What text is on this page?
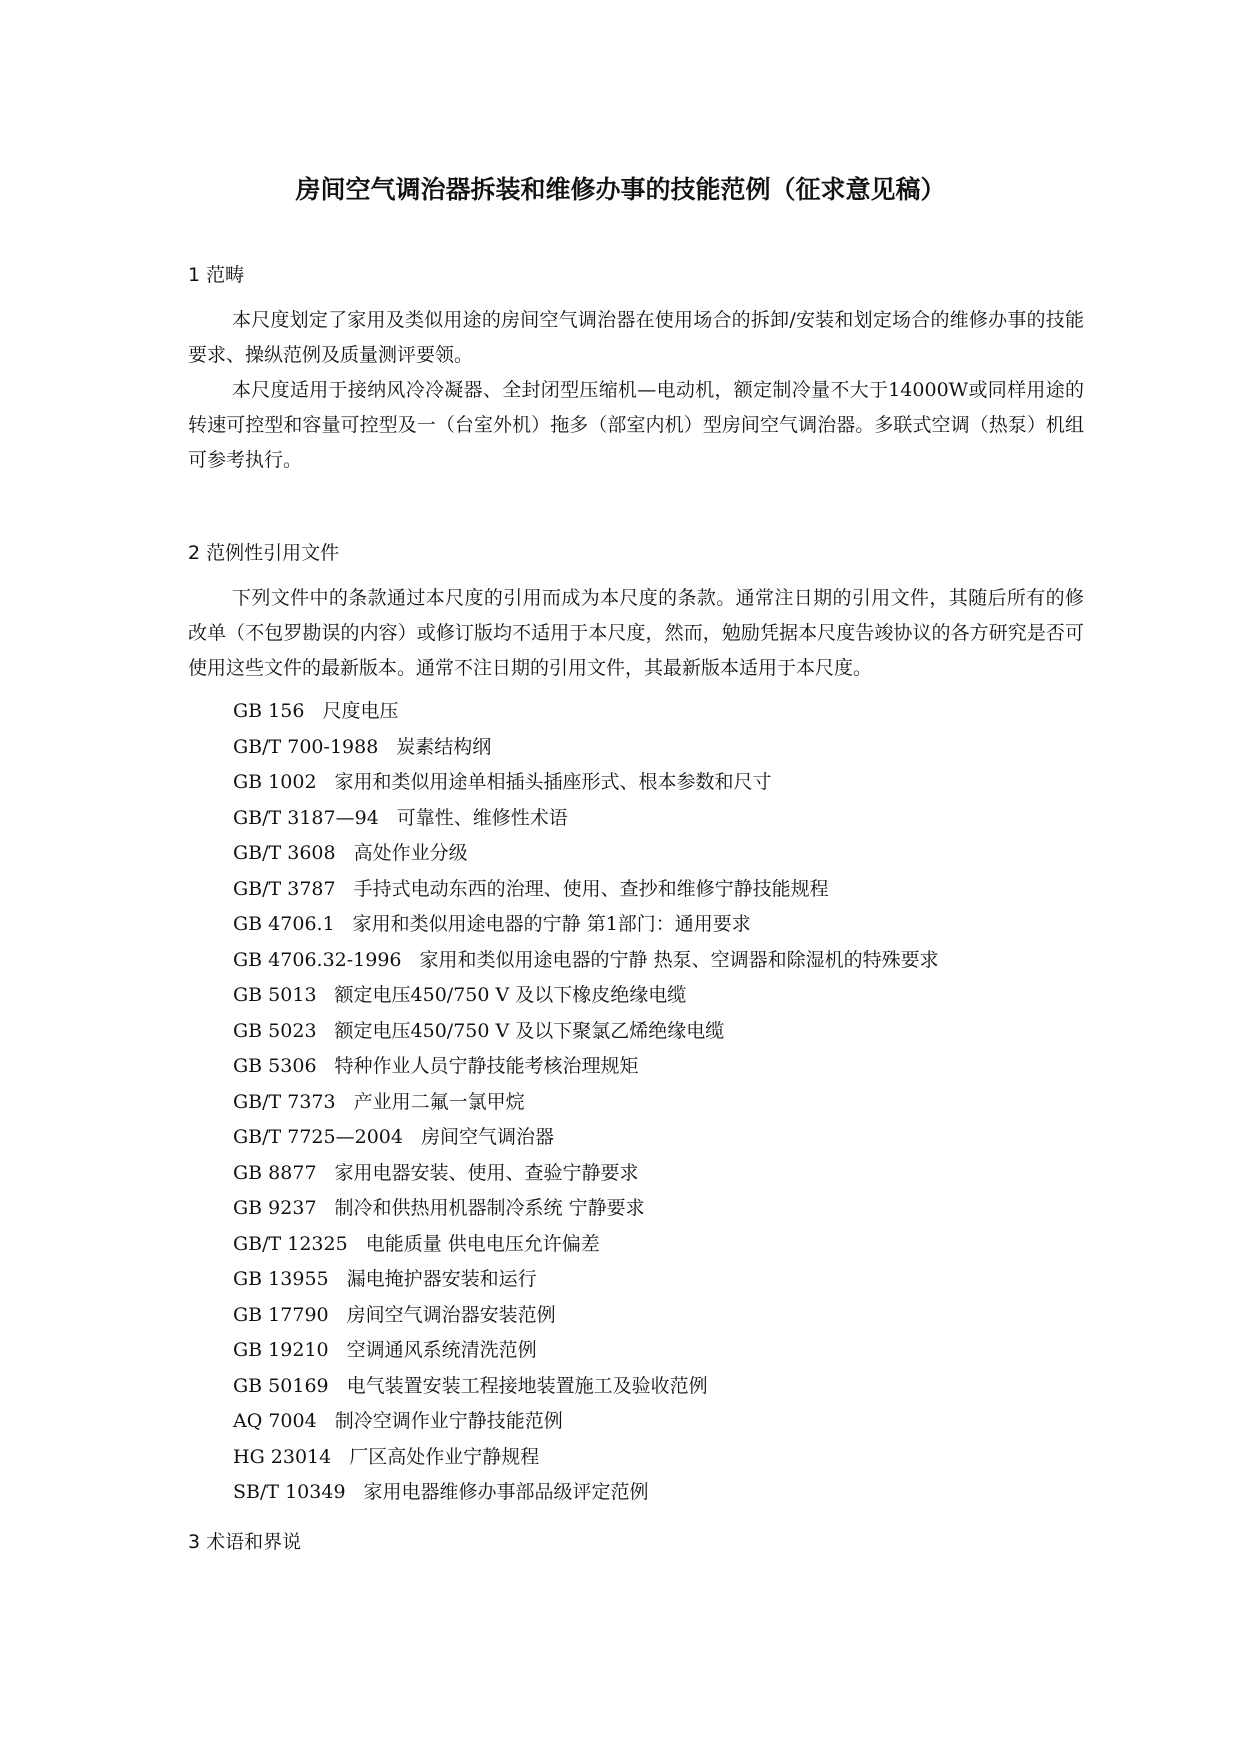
房间空气调治器拆装和维修办事的技能范例（征求意见稿）
1 范畴

本尺度划定了家用及类似用途的房间空气调治器在使用场合的拆卸/安装和划定场合的维修办事的技能要求、操纵范例及质量测评要领。

本尺度适用于接纳风冷冷凝器、全封闭型压缩机—电动机，额定制冷量不大于14000W或同样用途的转速可控型和容量可控型及一（台室外机）拖多（部室内机）型房间空气调治器。多联式空调（热泵）机组可参考执行。

2 范例性引用文件

下列文件中的条款通过本尺度的引用而成为本尺度的条款。通常注日期的引用文件，其随后所有的修改单（不包罗勘误的内容）或修订版均不适用于本尺度，然而，勉励凭据本尺度告竣协议的各方研究是否可使用这些文件的最新版本。通常不注日期的引用文件，其最新版本适用于本尺度。

GB 156 尺度电压
GB/T 700-1988 炭素结构纲
GB 1002 家用和类似用途单相插头插座形式、根本参数和尺寸
GB/T 3187—94 可靠性、维修性术语
GB/T 3608 高处作业分级
GB/T 3787 手持式电动东西的治理、使用、查抄和维修宁静技能规程
GB 4706.1 家用和类似用途电器的宁静 第1部门：通用要求
GB 4706.32-1996 家用和类似用途电器的宁静 热泵、空调器和除湿机的特殊要求
GB 5013 额定电压450/750 V 及以下橡皮绝缘电缆
GB 5023 额定电压450/750 V 及以下聚氯乙烯绝缘电缆
GB 5306 特种作业人员宁静技能考核治理规矩
GB/T 7373 产业用二氟一氯甲烷
GB/T 7725—2004 房间空气调治器
GB 8877 家用电器安装、使用、查验宁静要求
GB 9237 制冷和供热用机器制冷系统 宁静要求
GB/T 12325 电能质量 供电电压允许偏差
GB 13955 漏电掩护器安装和运行
GB 17790 房间空气调治器安装范例
GB 19210 空调通风系统清洗范例
GB 50169 电气装置安装工程接地装置施工及验收范例
AQ 7004 制冷空调作业宁静技能范例
HG 23014 厂区高处作业宁静规程
SB/T 10349 家用电器维修办事部品级评定范例
3 术语和界说
